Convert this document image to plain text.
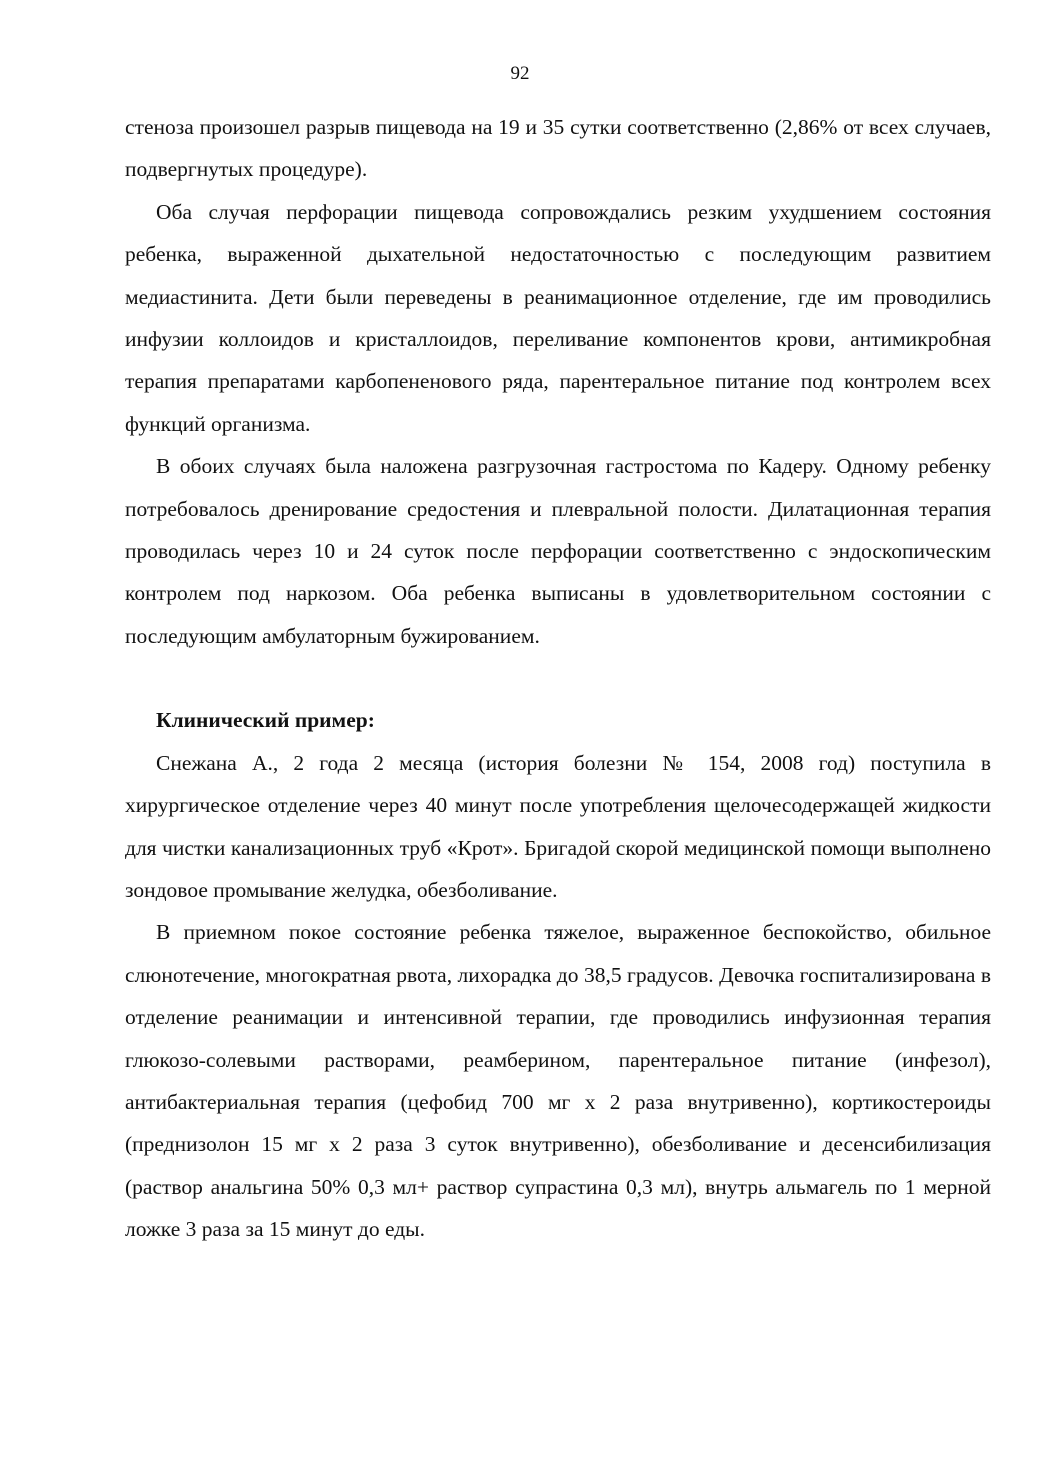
92

стеноза произошел разрыв пищевода на 19 и 35 сутки соответственно (2,86% от всех случаев, подвергнутых процедуре).

Оба случая перфорации пищевода сопровождались резким ухудшением состояния ребенка, выраженной дыхательной недостаточностью с последующим развитием медиастинита. Дети были переведены в реанимационное отделение, где им проводились инфузии коллоидов и кристаллоидов, переливание компонентов крови, антимикробная терапия препаратами карбопененового ряда, парентеральное питание под контролем всех функций организма.

В обоих случаях была наложена разгрузочная гастростома по Кадеру. Одному ребенку потребовалось дренирование средостения и плевральной полости. Дилатационная терапия проводилась через 10 и 24 суток после перфорации соответственно с эндоскопическим контролем под наркозом. Оба ребенка выписаны в удовлетворительном состоянии с последующим амбулаторным бужированием.

Клинический пример:

Снежана А., 2 года 2 месяца (история болезни № 154, 2008 год) поступила в хирургическое отделение через 40 минут после употребления щелочесодержащей жидкости для чистки канализационных труб «Крот». Бригадой скорой медицинской помощи выполнено зондовое промывание желудка, обезболивание.

В приемном покое состояние ребенка тяжелое, выраженное беспокойство, обильное слюнотечение, многократная рвота, лихорадка до 38,5 градусов. Девочка госпитализирована в отделение реанимации и интенсивной терапии, где проводились инфузионная терапия глюкозо-солевыми растворами, реамберином, парентеральное питание (инфезол), антибактериальная терапия (цефобид 700 мг х 2 раза внутривенно), кортикостероиды (преднизолон 15 мг х 2 раза 3 суток внутривенно), обезболивание и десенсибилизация (раствор анальгина 50% 0,3 мл+ раствор супрастина 0,3 мл), внутрь альмагель по 1 мерной ложке 3 раза за 15 минут до еды.
